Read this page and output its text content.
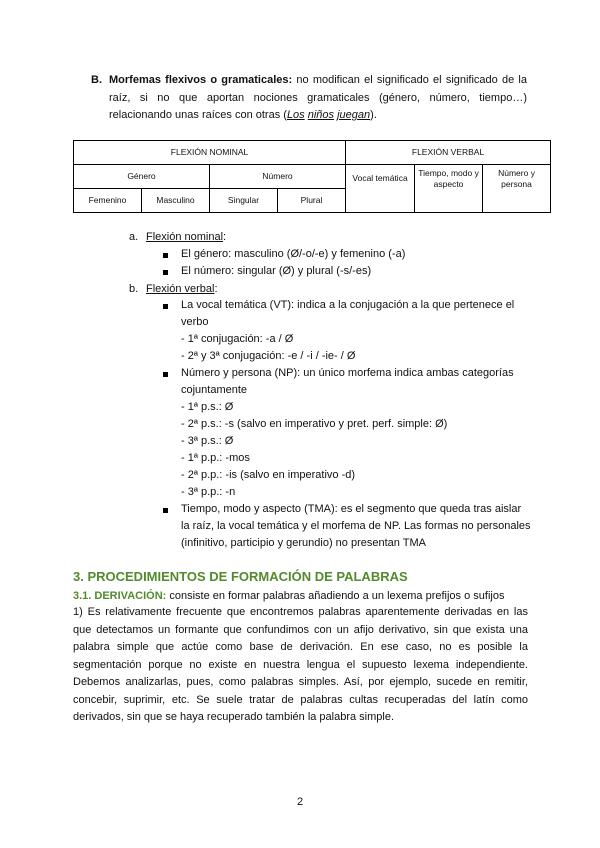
B. Morfemas flexivos o gramaticales: no modifican el significado el significado de la raíz, si no que aportan nociones gramaticales (género, número, tiempo…) relacionando unas raíces con otras (Los niños juegan).
FLEXIÓN NOMINAL				FLEXIÓN VERBAL		
Género		Número		Vocal temática	Tiempo, modo y aspecto	Número y persona
Femenino	Masculino	Singular	Plural			
a. Flexión nominal:
El género: masculino (Ø/-o/-e) y femenino (-a)
El número: singular (Ø) y plural (-s/-es)
b. Flexión verbal:
La vocal temática (VT): indica a la conjugación a la que pertenece el
verbo
- 1ª conjugación: -a / Ø
- 2ª y 3ª conjugación: -e / -i / -ie- / Ø
Número y persona (NP): un único morfema indica ambas categorías
cojuntamente
- 1ª p.s.: Ø
- 2ª p.s.: -s (salvo en imperativo y pret. perf. simple: Ø)
- 3ª p.s.: Ø
- 1ª p.p.: -mos
- 2ª p.p.: -is (salvo en imperativo -d)
- 3ª p.p.: -n
Tiempo, modo y aspecto (TMA): es el segmento que queda tras aislar
la raíz, la vocal temática y el morfema de NP. Las formas no personales
(infinitivo, participio y gerundio) no presentan TMA
3. PROCEDIMIENTOS DE FORMACIÓN DE PALABRAS
3.1. DERIVACIÓN: consiste en formar palabras añadiendo a un lexema prefijos o sufijos
1) Es relativamente frecuente que encontremos palabras aparentemente derivadas en las que detectamos un formante que confundimos con un afijo derivativo, sin que exista una palabra simple que actúe como base de derivación. En ese caso, no es posible la segmentación porque no existe en nuestra lengua el supuesto lexema independiente. Debemos analizarlas, pues, como palabras simples. Así, por ejemplo, sucede en remitir, concebir, suprimir, etc. Se suele tratar de palabras cultas recuperadas del latín como derivados, sin que se haya recuperado también la palabra simple.
2
